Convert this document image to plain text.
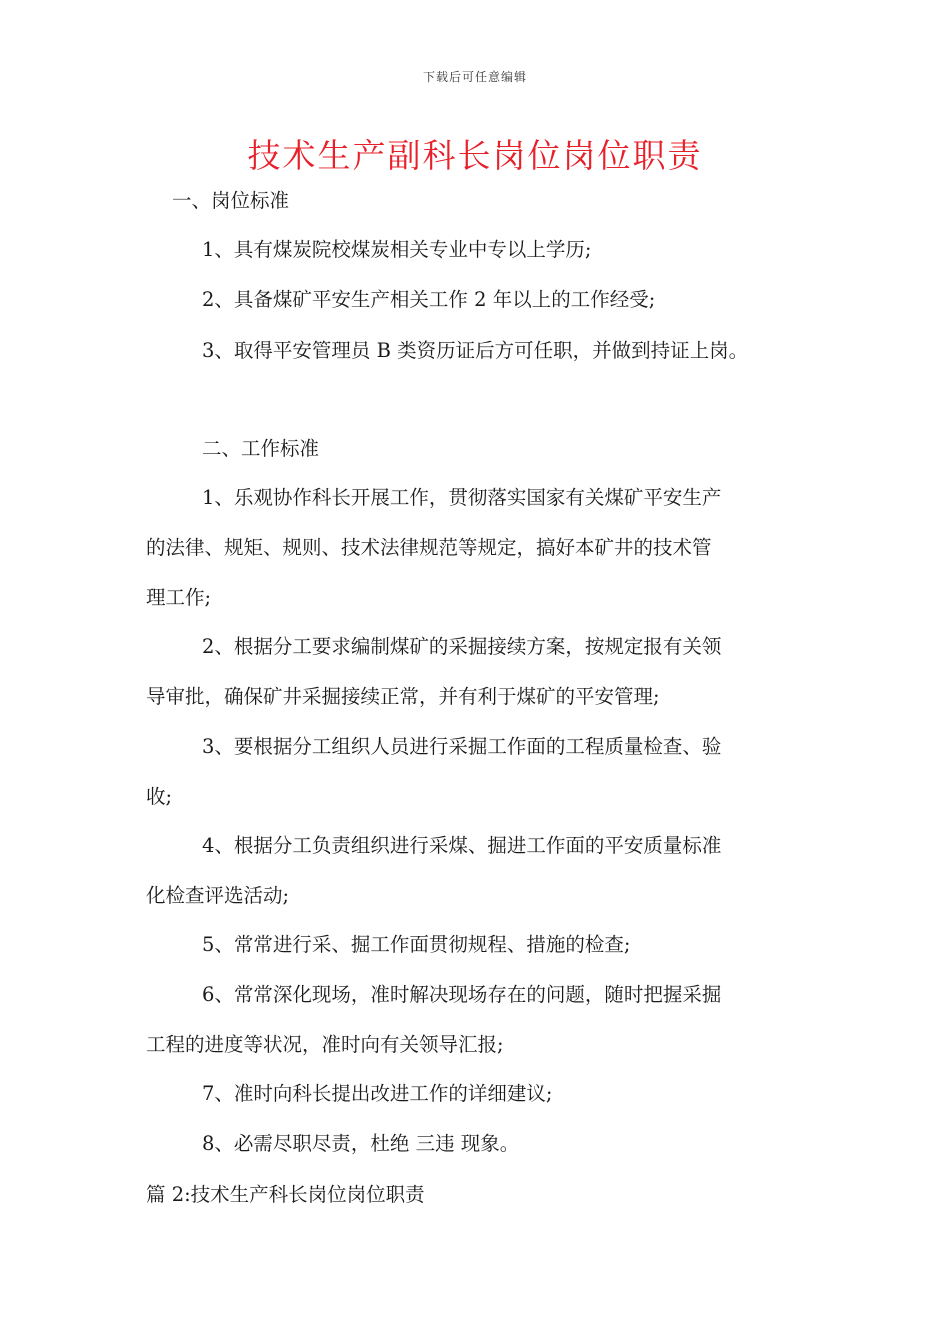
下载后可任意编辑
技术生产副科长岗位岗位职责
一、岗位标准
1、具有煤炭院校煤炭相关专业中专以上学历;
2、具备煤矿平安生产相关工作 2 年以上的工作经受;
3、取得平安管理员 B 类资历证后方可任职，并做到持证上岗。
二、工作标准
1、乐观协作科长开展工作，贯彻落实国家有关煤矿平安生产
的法律、规矩、规则、技术法律规范等规定，搞好本矿井的技术管
理工作;
2、根据分工要求编制煤矿的采掘接续方案，按规定报有关领
导审批，确保矿井采掘接续正常，并有利于煤矿的平安管理;
3、要根据分工组织人员进行采掘工作面的工程质量检查、验
收;
4、根据分工负责组织进行采煤、掘进工作面的平安质量标准
化检查评选活动;
5、常常进行采、掘工作面贯彻规程、措施的检查;
6、常常深化现场，准时解决现场存在的问题，随时把握采掘
工程的进度等状况，准时向有关领导汇报;
7、准时向科长提出改进工作的详细建议;
8、必需尽职尽责，杜绝 三违 现象。
篇 2:技术生产科长岗位岗位职责
